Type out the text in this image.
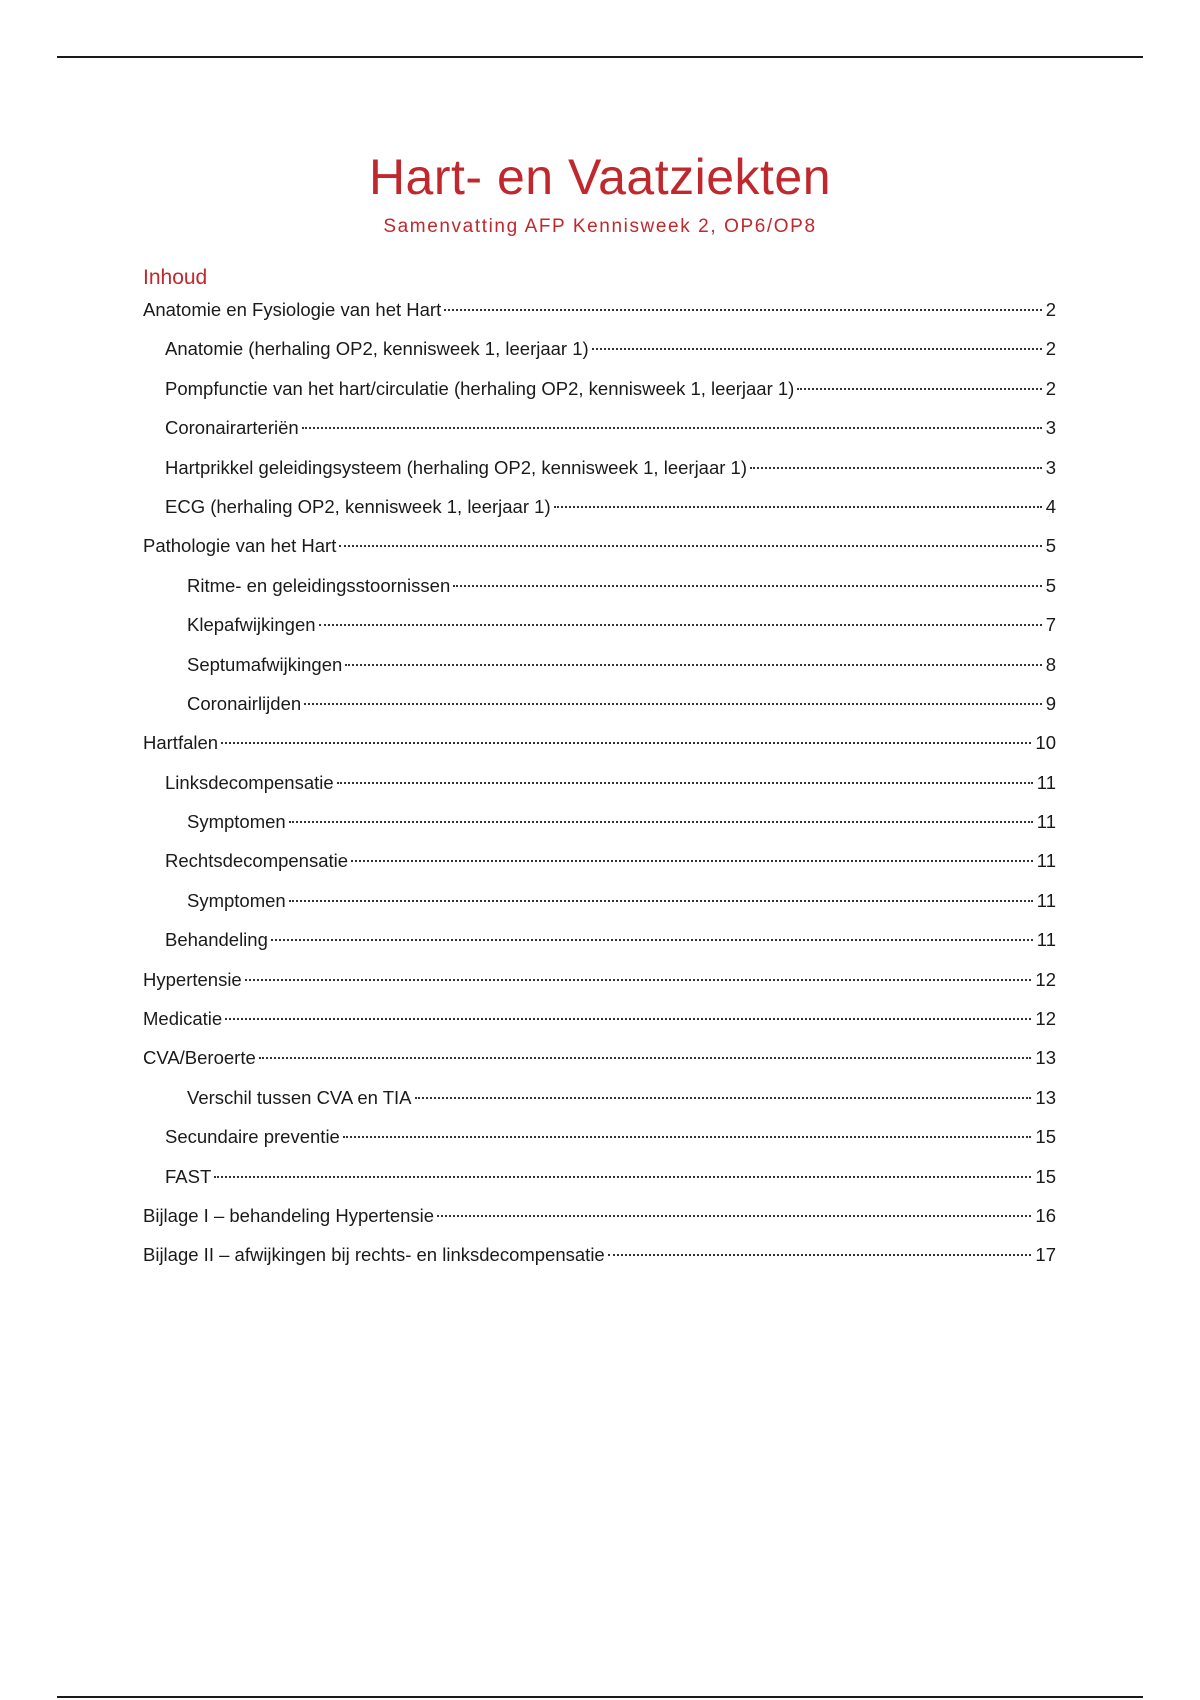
Hart- en Vaatziekten
Samenvatting AFP Kennisweek 2, OP6/OP8
Inhoud
Anatomie en Fysiologie van het Hart	2
Anatomie (herhaling OP2, kennisweek 1, leerjaar 1)	2
Pompfunctie van het hart/circulatie (herhaling OP2, kennisweek 1, leerjaar 1)	2
Coronairarteriën	3
Hartprikkel geleidingsysteem (herhaling OP2, kennisweek 1, leerjaar 1)	3
ECG (herhaling OP2, kennisweek 1, leerjaar 1)	4
Pathologie van het Hart	5
Ritme- en geleidingsstoornissen	5
Klepafwijkingen	7
Septumafwijkingen	8
Coronairlijden	9
Hartfalen	10
Linksdecompensatie	11
Symptomen	11
Rechtsdecompensatie	11
Symptomen	11
Behandeling	11
Hypertensie	12
Medicatie	12
CVA/Beroerte	13
Verschil tussen CVA en TIA	13
Secundaire preventie	15
FAST	15
Bijlage I – behandeling Hypertensie	16
Bijlage II – afwijkingen bij rechts- en linksdecompensatie	17
